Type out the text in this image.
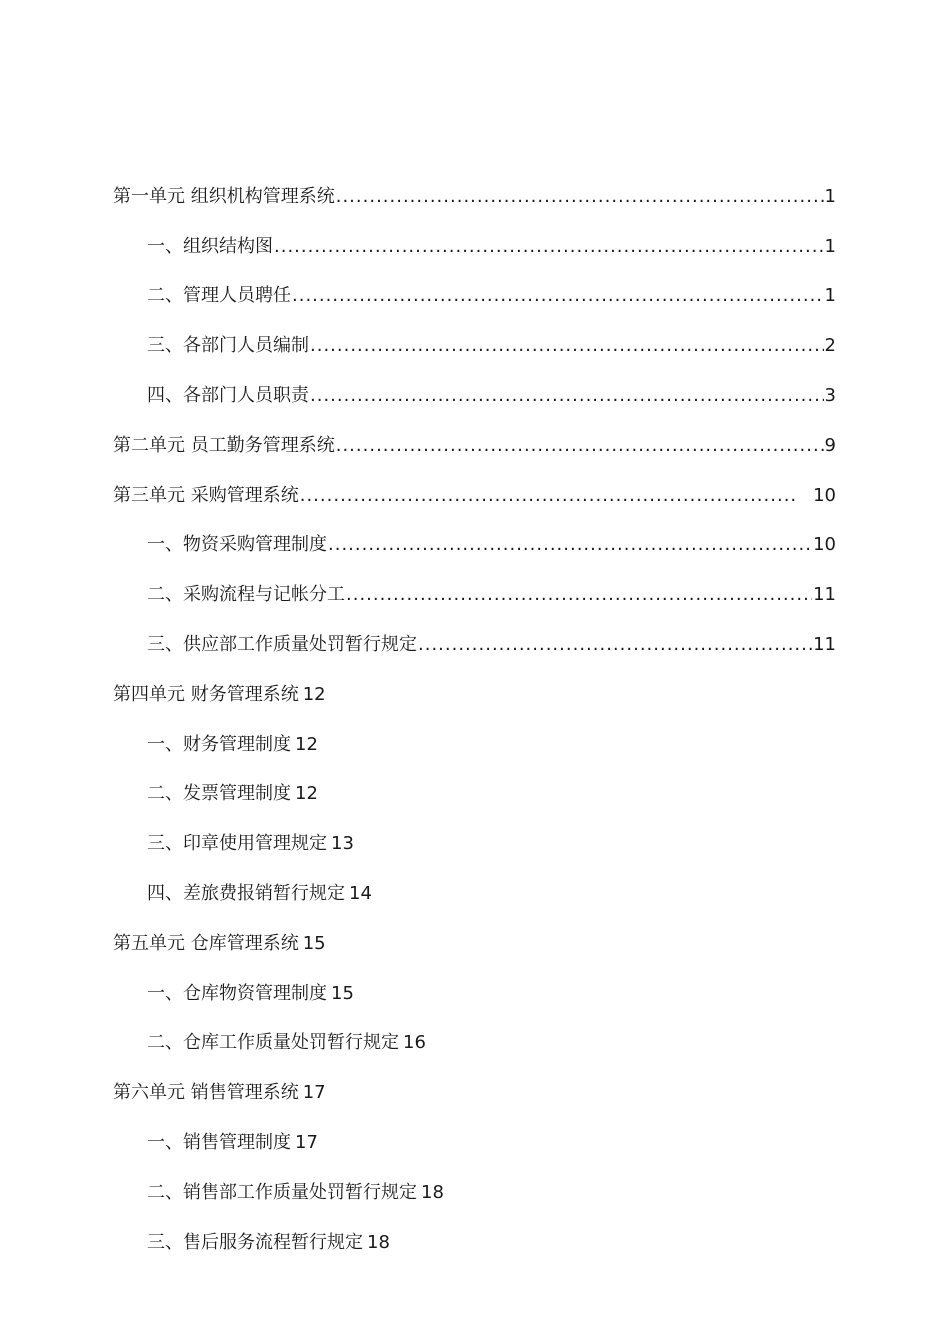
第一单元 组织机构管理系统 .....	1
一、组织结构图 .....	1
二、管理人员聘任 .....	1
三、各部门人员编制 .....	2
四、各部门人员职责 .....	3
第二单元 员工勤务管理系统 .....	9
第三单元 采购管理系统 .....	10
一、物资采购管理制度 .....	10
二、采购流程与记帐分工 .....	11
三、供应部工作质量处罚暂行规定 .....	11
第四单元 财务管理系统 12
一、财务管理制度 12
二、发票管理制度 12
三、印章使用管理规定 13
四、差旅费报销暂行规定 14
第五单元 仓库管理系统 15
一、仓库物资管理制度 15
二、仓库工作质量处罚暂行规定 16
第六单元 销售管理系统 17
一、销售管理制度 17
二、销售部工作质量处罚暂行规定 18
三、售后服务流程暂行规定 18
